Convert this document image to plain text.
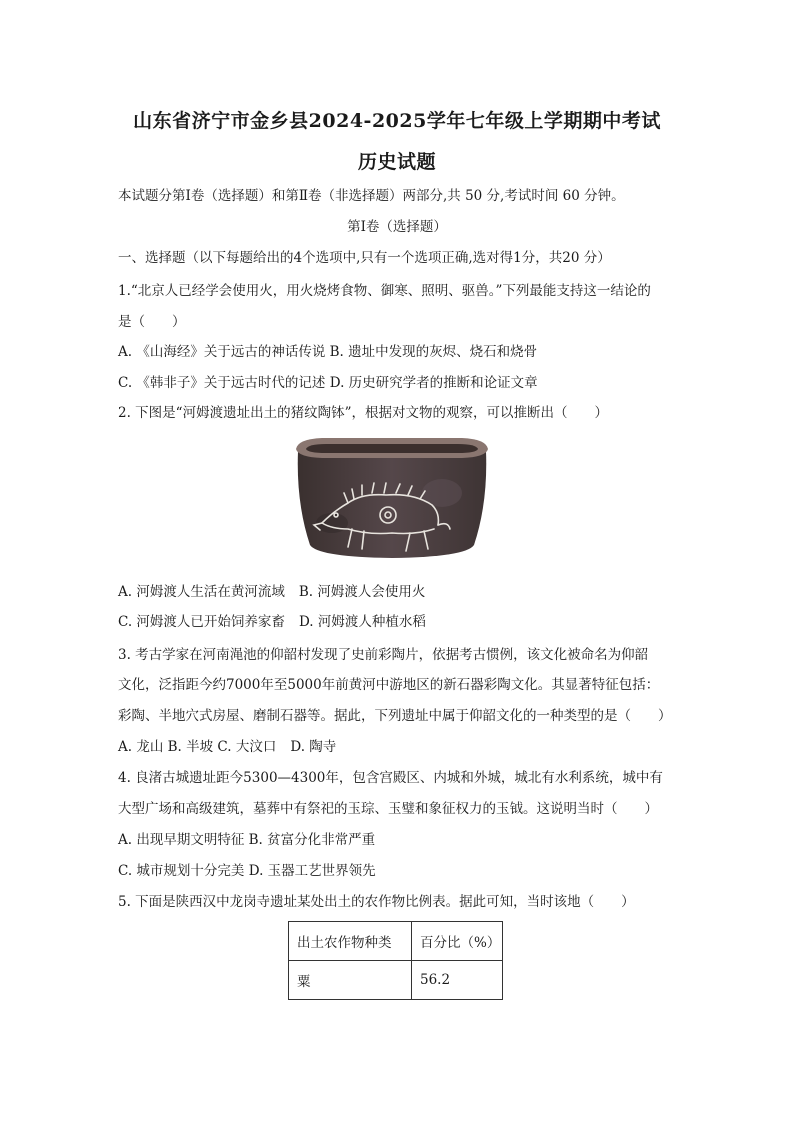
山东省济宁市金乡县2024-2025学年七年级上学期期中考试
历史试题
本试题分第Ⅰ卷（选择题）和第Ⅱ卷（非选择题）两部分,共 50 分,考试时间 60 分钟。
第Ⅰ卷（选择题）
一、选择题（以下每题给出的4个选项中,只有一个选项正确,选对得1分，共20 分）
1.“北京人已经学会使用火，用火烧烤食物、御寒、照明、驱兽。”下列最能支持这一结论的
是（　　）
A. 《山海经》关于远古的神话传说 B. 遗址中发现的灰烬、烧石和烧骨
C. 《韩非子》关于远古时代的记述 D. 历史研究学者的推断和论证文章
2. 下图是“河姆渡遗址出土的猪纹陶钵”，根据对文物的观察，可以推断出（　　）
A. 河姆渡人生活在黄河流域 B. 河姆渡人会使用火
C. 河姆渡人已开始饲养家畜 D. 河姆渡人种植水稻
3. 考古学家在河南渑池的仰韶村发现了史前彩陶片，依据考古惯例，该文化被命名为仰韶
文化，泛指距今约7000年至5000年前黄河中游地区的新石器彩陶文化。其显著特征包括：
彩陶、半地穴式房屋、磨制石器等。据此，下列遗址中属于仰韶文化的一种类型的是（　　）
A. 龙山 B. 半坡 C. 大汶口 D. 陶寺
4. 良渚古城遗址距今5300—4300年，包含宫殿区、内城和外城，城北有水利系统，城中有
大型广场和高级建筑，墓葬中有祭祀的玉琮、玉璧和象征权力的玉钺。这说明当时（　　）
A. 出现早期文明特征 B. 贫富分化非常严重
C. 城市规划十分完美 D. 玉器工艺世界领先
5. 下面是陕西汉中龙岗寺遗址某处出土的农作物比例表。据此可知，当时该地（　　）
出土农作物种类	百分比（%）
粟	56.2
